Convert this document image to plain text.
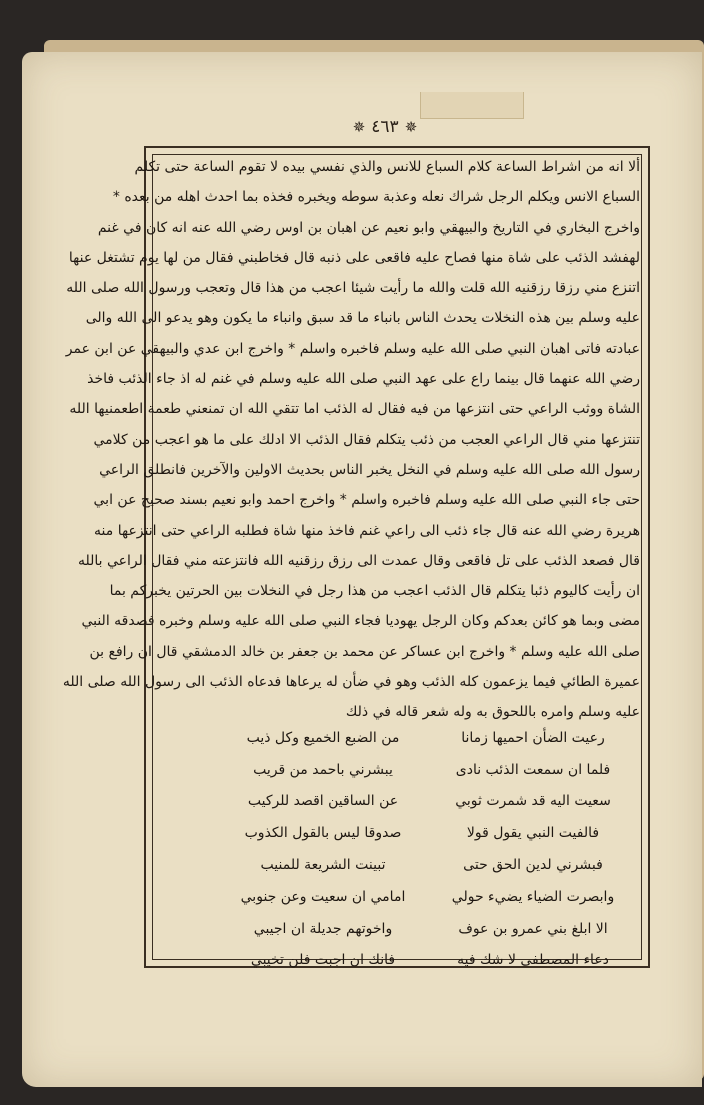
✵ ٤٦٣ ✵
ألا انه من اشراط الساعة كلام السباع للانس والذي نفسي بيده لا تقوم الساعة حتى تكلم
السباع الانس ويكلم الرجل شراك نعله وعذبة سوطه ويخبره فخذه بما احدث اهله من بعده *
واخرج البخاري في التاريخ والبيهقي وابو نعيم عن اهبان بن اوس رضي الله عنه انه كان في غنم
لهفشد الذئب على شاة منها فصاح عليه فاقعى على ذنبه قال فخاطبني فقال من لها يوم تشتغل عنها
اتنزع مني رزقا رزقنيه الله قلت والله ما رأيت شيئا اعجب من هذا قال وتعجب ورسول الله صلى الله
عليه وسلم بين هذه النخلات يحدث الناس بانباء ما قد سبق وانباء ما يكون وهو يدعو الى الله والى
عبادته فاتى اهبان النبي صلى الله عليه وسلم فاخبره واسلم * واخرج ابن عدي والبيهقي عن ابن عمر
رضي الله عنهما قال بينما راع على عهد النبي صلى الله عليه وسلم في غنم له اذ جاء الذئب فاخذ
الشاة ووثب الراعي حتى انتزعها من فيه فقال له الذئب اما تتقي الله ان تمنعني طعمة اطعمنيها الله
تنتزعها مني قال الراعي العجب من ذئب يتكلم فقال الذئب الا ادلك على ما هو اعجب من كلامي
رسول الله صلى الله عليه وسلم في النخل يخبر الناس بحديث الاولين والآخرين فانطلق الراعي
حتى جاء النبي صلى الله عليه وسلم فاخبره واسلم * واخرج احمد وابو نعيم بسند صحيح عن ابي
هريرة رضي الله عنه قال جاء ذئب الى راعي غنم فاخذ منها شاة فطلبه الراعي حتى انتزعها منه
قال فصعد الذئب على تل فاقعى وقال عمدت الى رزق رزقنيه الله فانتزعته مني فقال الراعي بالله
ان رأيت كاليوم ذئبا يتكلم قال الذئب اعجب من هذا رجل في النخلات بين الحرتين يخبركم بما
مضى وبما هو كائن بعدكم وكان الرجل يهوديا فجاء النبي صلى الله عليه وسلم وخبره فصدقه النبي
صلى الله عليه وسلم * واخرج ابن عساكر عن محمد بن جعفر بن خالد الدمشقي قال ان رافع بن
عميرة الطائي فيما يزعمون كله الذئب وهو في ضأن له يرعاها فدعاه الذئب الى رسول الله صلى الله
عليه وسلم وامره باللحوق به وله شعر قاله في ذلك
رعيت الضأن احميها زمانا
من الضبع الخميع وكل ذيب
فلما ان سمعت الذئب نادى
يبشرني باحمد من قريب
سعيت اليه قد شمرت ثوبي
عن الساقين اقصد للركيب
فالفيت النبي يقول قولا
صدوقا ليس بالقول الكذوب
فبشرني لدين الحق حتى
تبينت الشريعة للمنيب
وابصرت الضياء يضيء حولي
امامي ان سعيت وعن جنوبي
الا ابلغ بني عمرو بن عوف
واخوتهم جديلة ان اجيبي
دعاء المصطفى لا شك فيه
فانك ان اجبت فلن تخيبي
